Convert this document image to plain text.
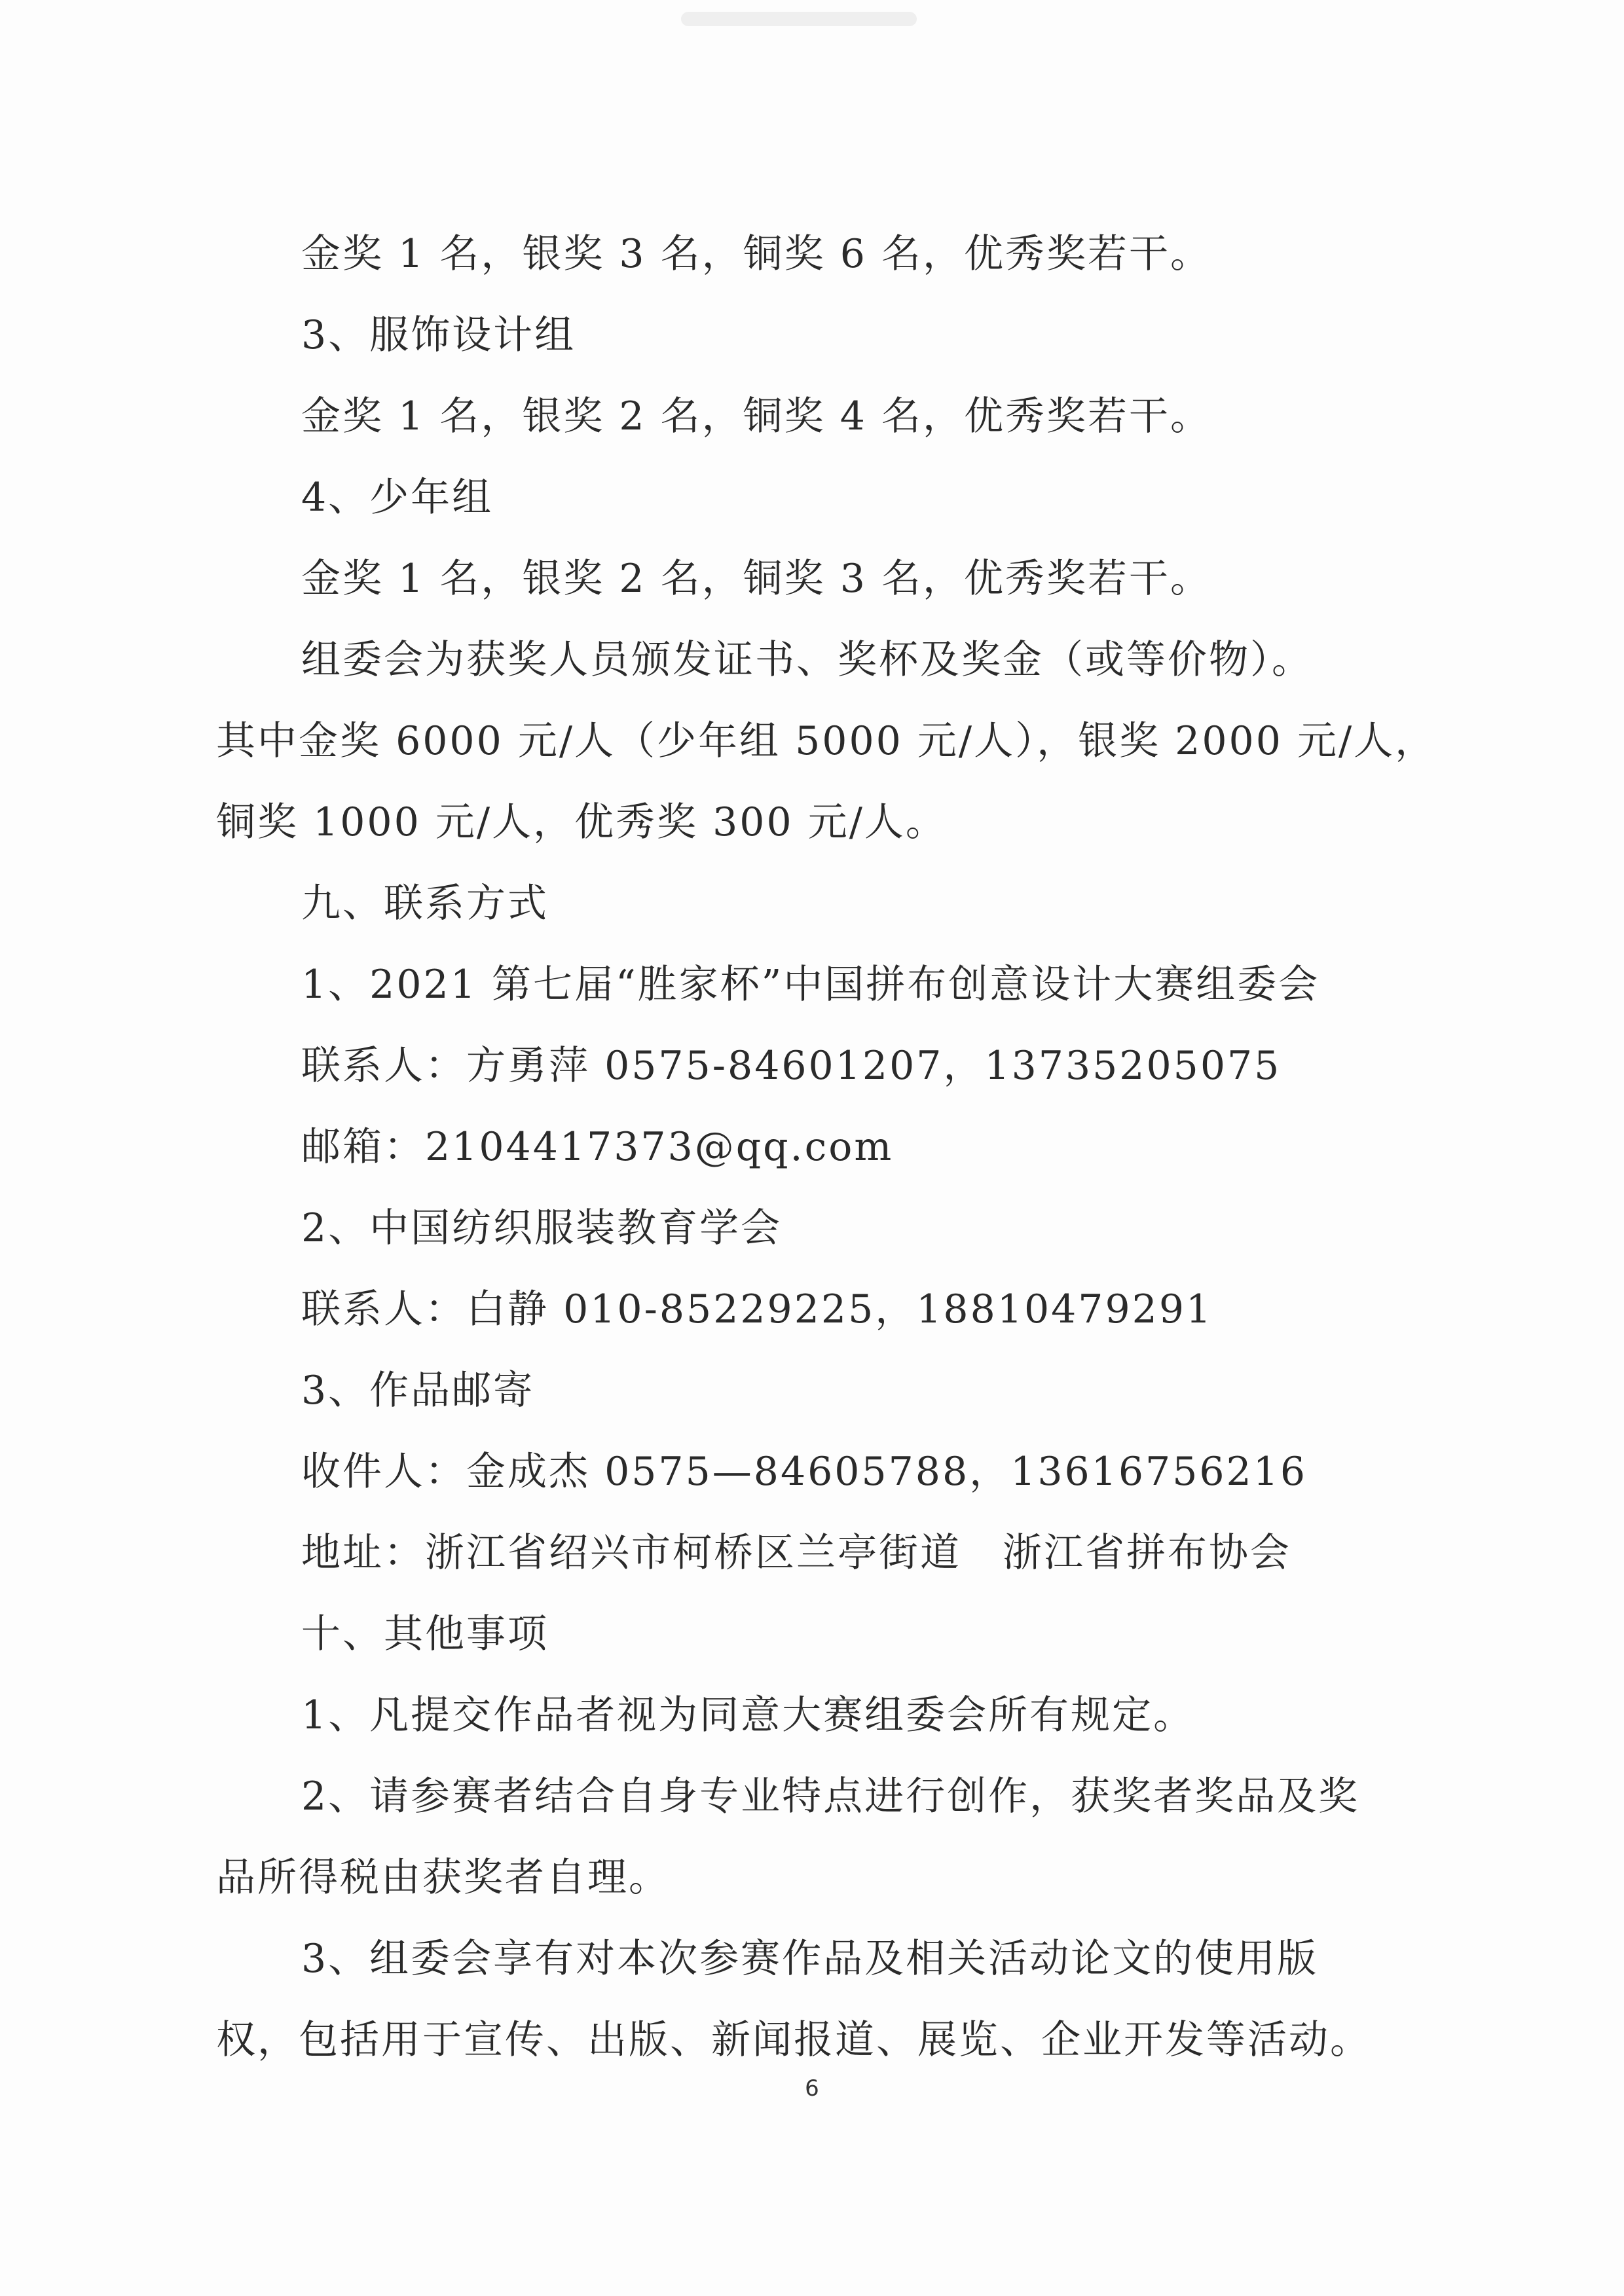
金奖 1 名，银奖 3 名，铜奖 6 名，优秀奖若干。
3、服饰设计组
金奖 1 名，银奖 2 名，铜奖 4 名，优秀奖若干。
4、少年组
金奖 1 名，银奖 2 名，铜奖 3 名，优秀奖若干。
组委会为获奖人员颁发证书、奖杯及奖金（或等价物）。
其中金奖 6000 元/人（少年组 5000 元/人），银奖 2000 元/人，
铜奖 1000 元/人，优秀奖 300 元/人。
九、联系方式
1、2021 第七届“胜家杯”中国拼布创意设计大赛组委会
联系人：方勇萍 0575-84601207，13735205075
邮箱：2104417373@qq.com
2、中国纺织服装教育学会
联系人：白静 010-85229225，18810479291
3、作品邮寄
收件人：金成杰 0575—84605788，13616756216
地址：浙江省绍兴市柯桥区兰亭街道　浙江省拼布协会
十、其他事项
1、凡提交作品者视为同意大赛组委会所有规定。
2、请参赛者结合自身专业特点进行创作，获奖者奖品及奖
品所得税由获奖者自理。
3、组委会享有对本次参赛作品及相关活动论文的使用版
权，包括用于宣传、出版、新闻报道、展览、企业开发等活动。
6
